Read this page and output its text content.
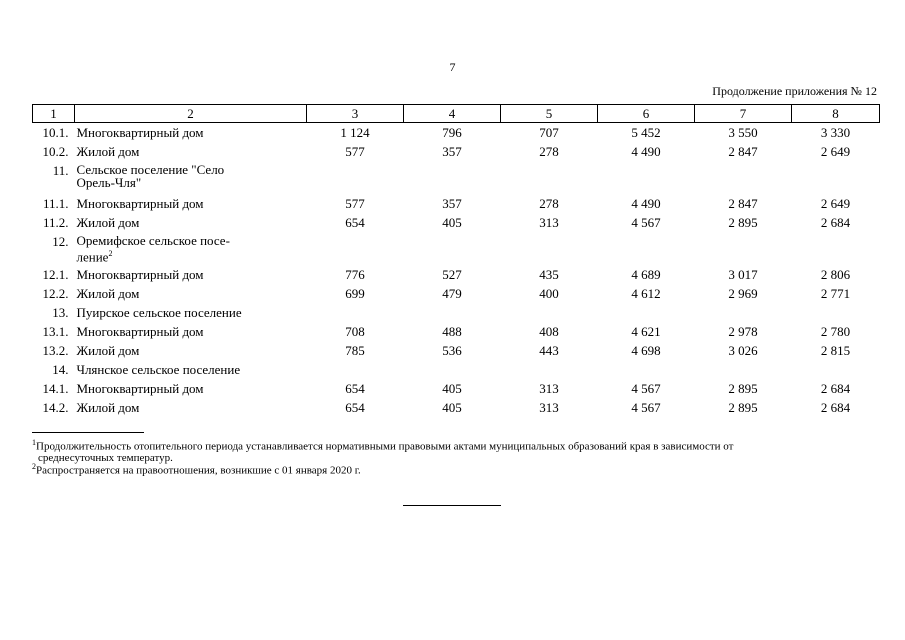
7
Продолжение приложения № 12
1	2	3	4	5	6	7	8
10.1.	Многоквартирный дом	1 124	796	707	5 452	3 550	3 330
10.2.	Жилой дом	577	357	278	4 490	2 847	2 649
11.	Сельское поселение "Село
Орель-Чля"						
11.1.	Многоквартирный дом	577	357	278	4 490	2 847	2 649
11.2.	Жилой дом	654	405	313	4 567	2 895	2 684
12.	Оремифское сельское посе-
ление$^2$						
12.1.	Многоквартирный дом	776	527	435	4 689	3 017	2 806
12.2.	Жилой дом	699	479	400	4 612	2 969	2 771
13.	Пуирское сельское поселение						
13.1.	Многоквартирный дом	708	488	408	4 621	2 978	2 780
13.2.	Жилой дом	785	536	443	4 698	3 026	2 815
14.	Члянское сельское поселение						
14.1.	Многоквартирный дом	654	405	313	4 567	2 895	2 684
14.2.	Жилой дом	654	405	313	4 567	2 895	2 684
$^1$Продолжительность отопительного периода устанавливается нормативными правовыми актами муниципальных образований края в зависимости от
среднесуточных температур.
$^2$Распространяется на правоотношения, возникшие с 01 января 2020 г.
